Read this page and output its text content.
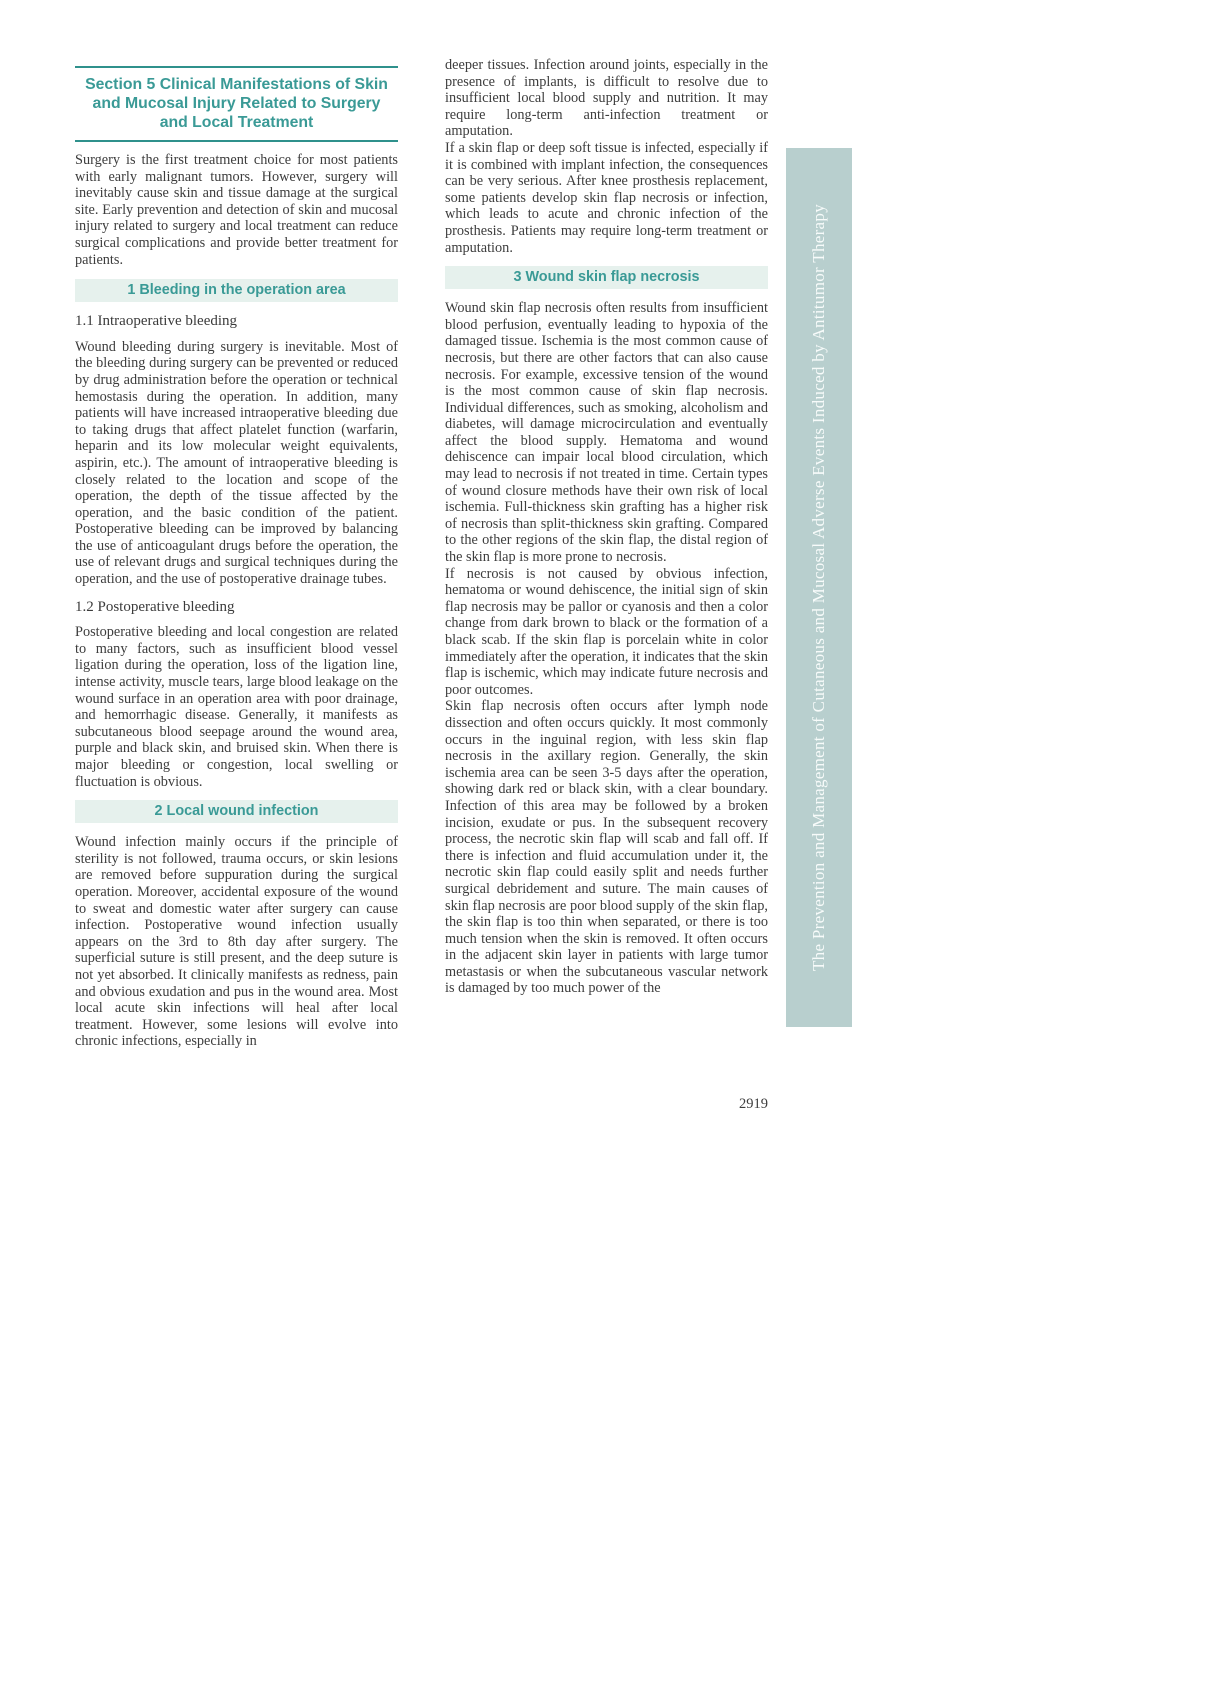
Section 5 Clinical Manifestations of Skin and Mucosal Injury Related to Surgery and Local Treatment

Surgery is the first treatment choice for most patients with early malignant tumors. However, surgery will inevitably cause skin and tissue damage at the surgical site. Early prevention and detection of skin and mucosal injury related to surgery and local treatment can reduce surgical complications and provide better treatment for patients.

1 Bleeding in the operation area
1.1 Intraoperative bleeding

Wound bleeding during surgery is inevitable. Most of the bleeding during surgery can be prevented or reduced by drug administration before the operation or technical hemostasis during the operation. In addition, many patients will have increased intraoperative bleeding due to taking drugs that affect platelet function (warfarin, heparin and its low molecular weight equivalents, aspirin, etc.). The amount of intraoperative bleeding is closely related to the location and scope of the operation, the depth of the tissue affected by the operation, and the basic condition of the patient. Postoperative bleeding can be improved by balancing the use of anticoagulant drugs before the operation, the use of relevant drugs and surgical techniques during the operation, and the use of postoperative drainage tubes.

1.2 Postoperative bleeding

Postoperative bleeding and local congestion are related to many factors, such as insufficient blood vessel ligation during the operation, loss of the ligation line, intense activity, muscle tears, large blood leakage on the wound surface in an operation area with poor drainage, and hemorrhagic disease. Generally, it manifests as subcutaneous blood seepage around the wound area, purple and black skin, and bruised skin. When there is major bleeding or congestion, local swelling or fluctuation is obvious.

2 Local wound infection

Wound infection mainly occurs if the principle of sterility is not followed, trauma occurs, or skin lesions are removed before suppuration during the surgical operation. Moreover, accidental exposure of the wound to sweat and domestic water after surgery can cause infection. Postoperative wound infection usually appears on the 3rd to 8th day after surgery. The superficial suture is still present, and the deep suture is not yet absorbed. It clinically manifests as redness, pain and obvious exudation and pus in the wound area. Most local acute skin infections will heal after local treatment. However, some lesions will evolve into chronic infections, especially in

deeper tissues. Infection around joints, especially in the presence of implants, is difficult to resolve due to insufficient local blood supply and nutrition. It may require long-term anti-infection treatment or amputation.

If a skin flap or deep soft tissue is infected, especially if it is combined with implant infection, the consequences can be very serious. After knee prosthesis replacement, some patients develop skin flap necrosis or infection, which leads to acute and chronic infection of the prosthesis. Patients may require long-term treatment or amputation.

3 Wound skin flap necrosis

Wound skin flap necrosis often results from insufficient blood perfusion, eventually leading to hypoxia of the damaged tissue. Ischemia is the most common cause of necrosis, but there are other factors that can also cause necrosis. For example, excessive tension of the wound is the most common cause of skin flap necrosis. Individual differences, such as smoking, alcoholism and diabetes, will damage microcirculation and eventually affect the blood supply. Hematoma and wound dehiscence can impair local blood circulation, which may lead to necrosis if not treated in time. Certain types of wound closure methods have their own risk of local ischemia. Full-thickness skin grafting has a higher risk of necrosis than split-thickness skin grafting. Compared to the other regions of the skin flap, the distal region of the skin flap is more prone to necrosis.

If necrosis is not caused by obvious infection, hematoma or wound dehiscence, the initial sign of skin flap necrosis may be pallor or cyanosis and then a color change from dark brown to black or the formation of a black scab. If the skin flap is porcelain white in color immediately after the operation, it indicates that the skin flap is ischemic, which may indicate future necrosis and poor outcomes.

Skin flap necrosis often occurs after lymph node dissection and often occurs quickly. It most commonly occurs in the inguinal region, with less skin flap necrosis in the axillary region. Generally, the skin ischemia area can be seen 3-5 days after the operation, showing dark red or black skin, with a clear boundary. Infection of this area may be followed by a broken incision, exudate or pus. In the subsequent recovery process, the necrotic skin flap will scab and fall off. If there is infection and fluid accumulation under it, the necrotic skin flap could easily split and needs further surgical debridement and suture. The main causes of skin flap necrosis are poor blood supply of the skin flap, the skin flap is too thin when separated, or there is too much tension when the skin is removed. It often occurs in the adjacent skin layer in patients with large tumor metastasis or when the subcutaneous vascular network is damaged by too much power of the

The Prevention and Management of Cutaneous and Mucosal Adverse Events Induced by Antitumor Therapy
2919
